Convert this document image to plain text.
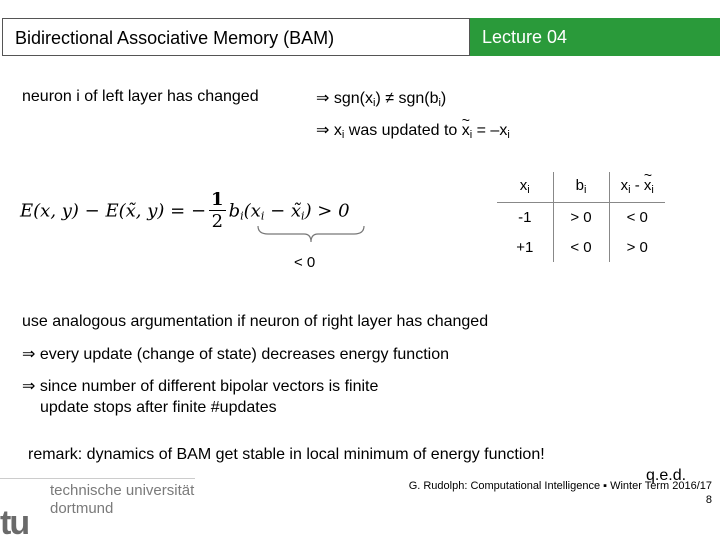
Bidirectional Associative Memory (BAM)	Lecture 04
neuron i of left layer has changed	⇒ $sgn(x_i) \ne sgn(b_i)$
⇒ $x_i$ was updated to ~ $x_i = -x_i$
E(x, y) − E(x̃, y) = − $\frac{1}{2} b_i(x_i$ − $x̃_i) > 0$
< 0
$x_i$	$b_i$	$x_i$ - ~ $x_i$
-1	> 0	< 0
+1	< 0	> 0
use analogous argumentation if neuron of right layer has changed
⇒ every update (change of state) decreases energy function
⇒ since number of different bipolar vectors is finite
update stops after finite #updates
remark: dynamics of BAM get stable in local minimum of energy function!
q.e.d.
tu
technische universität
dortmund
G. Rudolph: Computational Intelligence ▪ Winter Term 2016/17
8
